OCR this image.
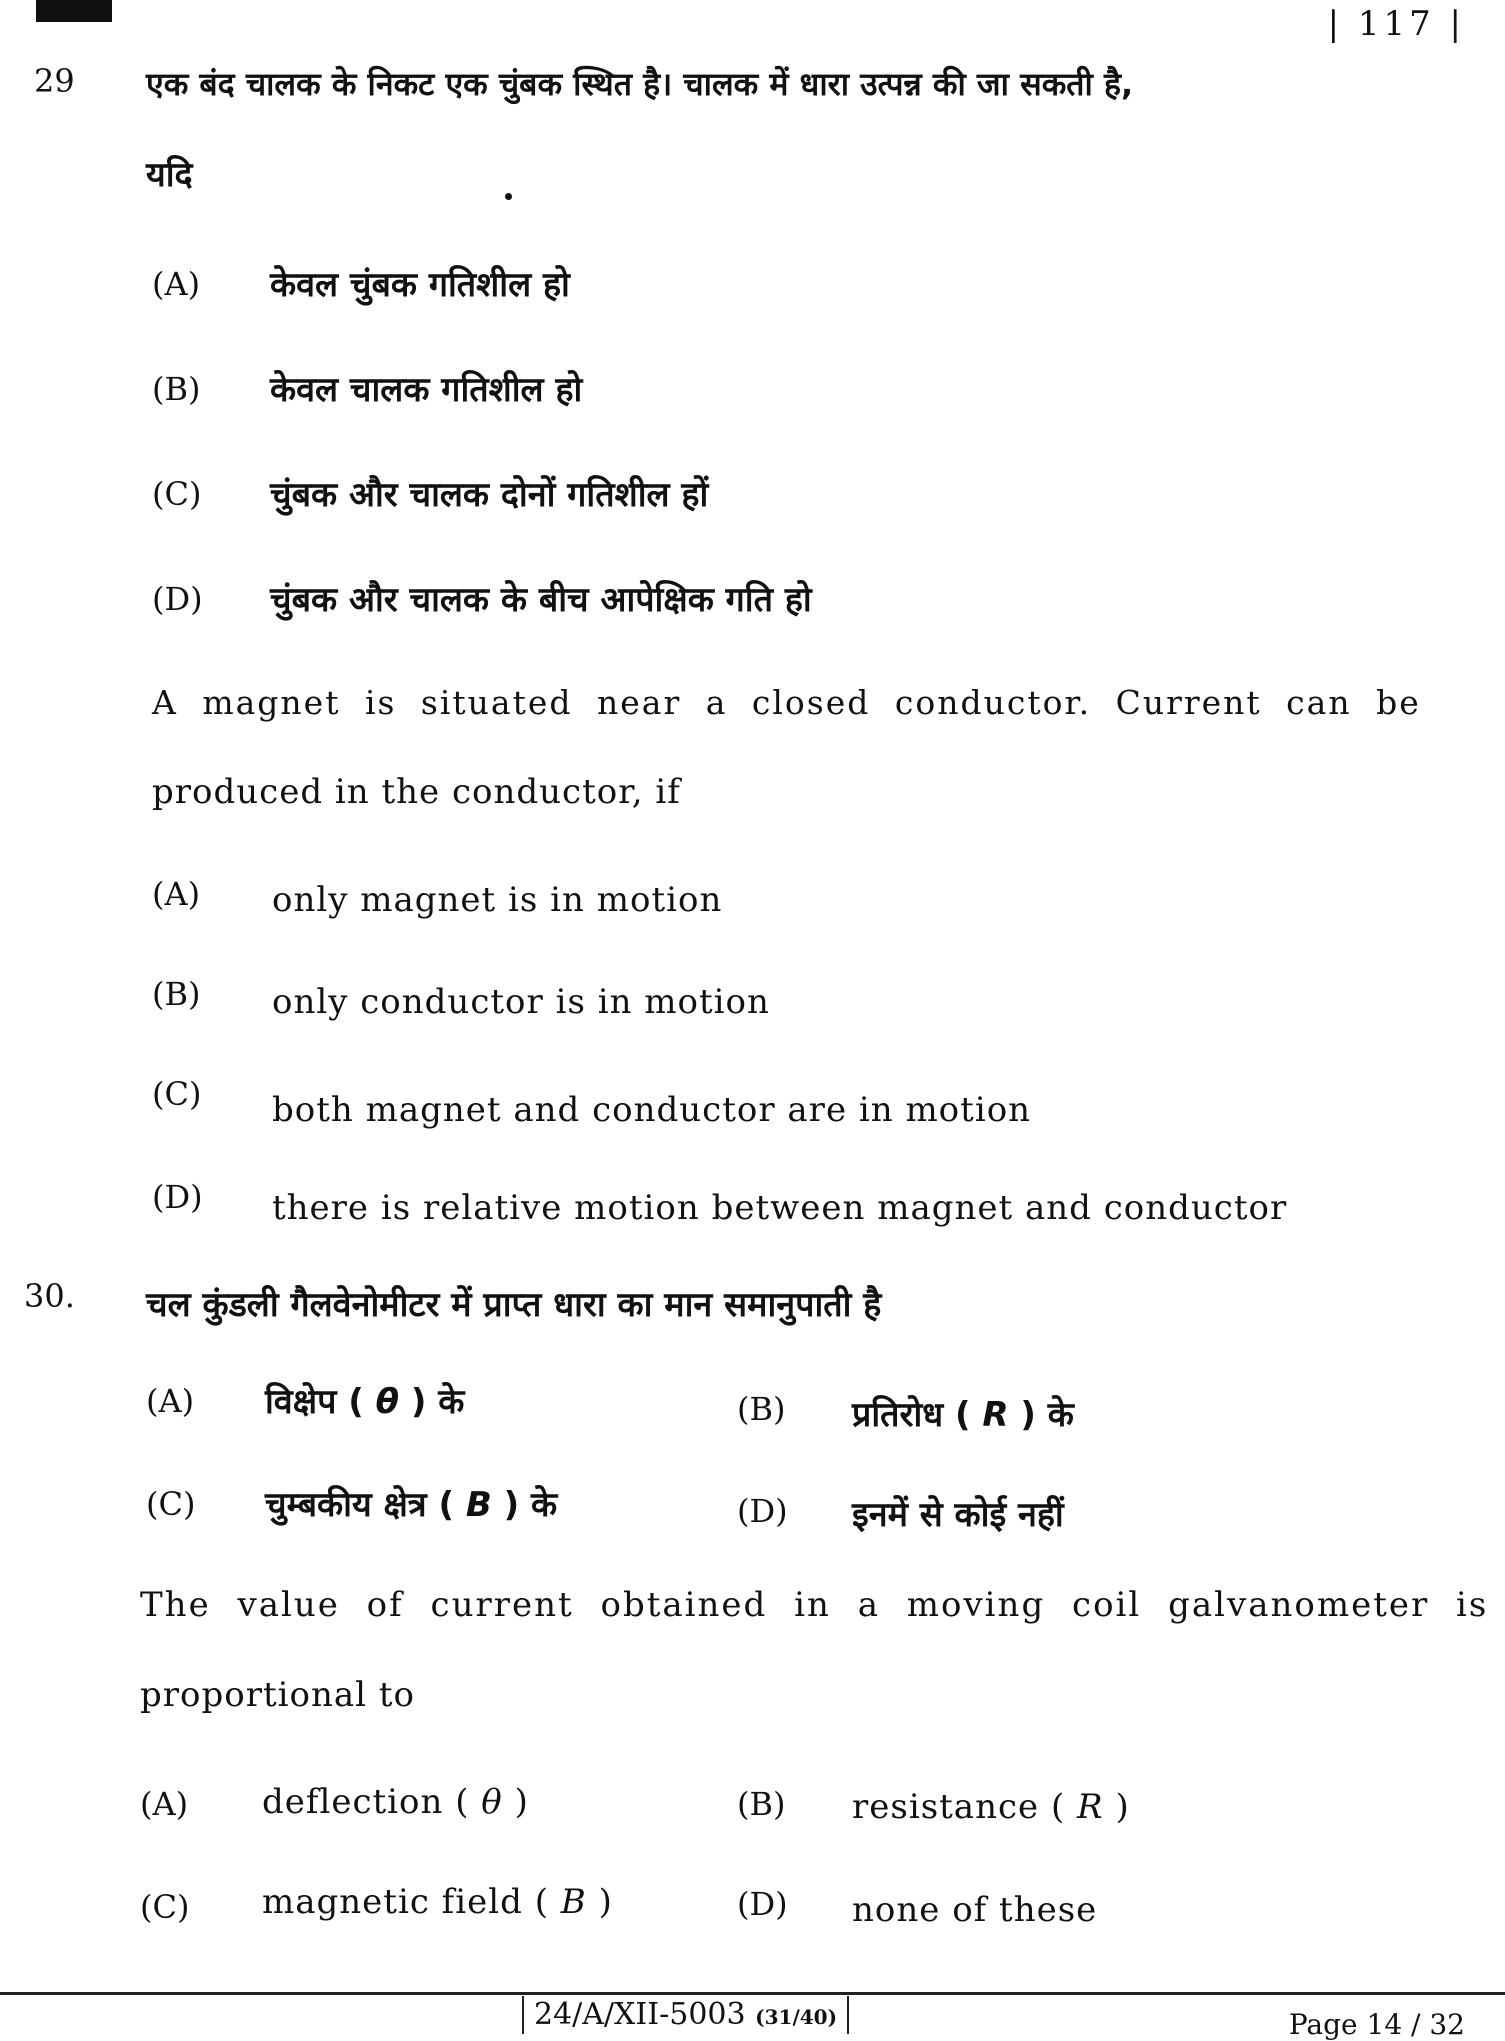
| 117 |
29 एक बंद चालक के निकट एक चुंबक स्थित है। चालक में धारा उत्पन्न की जा सकती है,
यदि
(A) केवल चुंबक गतिशील हो
(B) केवल चालक गतिशील हो
(C) चुंबक और चालक दोनों गतिशील हों
(D) चुंबक और चालक के बीच आपेक्षिक गति हो
A magnet is situated near a closed conductor. Current can be
produced in the conductor, if
(A) only magnet is in motion
(B) only conductor is in motion
(C) both magnet and conductor are in motion
(D) there is relative motion between magnet and conductor
30. चल कुंडली गैलवेनोमीटर में प्राप्त धारा का मान समानुपाती है
(A) विक्षेप ( θ ) के	(B) प्रतिरोध ( R ) के
(C) चुम्बकीय क्षेत्र ( B ) के	(D) इनमें से कोई नहीं
The value of current obtained in a moving coil galvanometer is
proportional to
(A) deflection ( θ )	(B) resistance ( R )
(C) magnetic field ( B )	(D) none of these
24/A/XII-5003 (31/40)	Page 14 / 32
